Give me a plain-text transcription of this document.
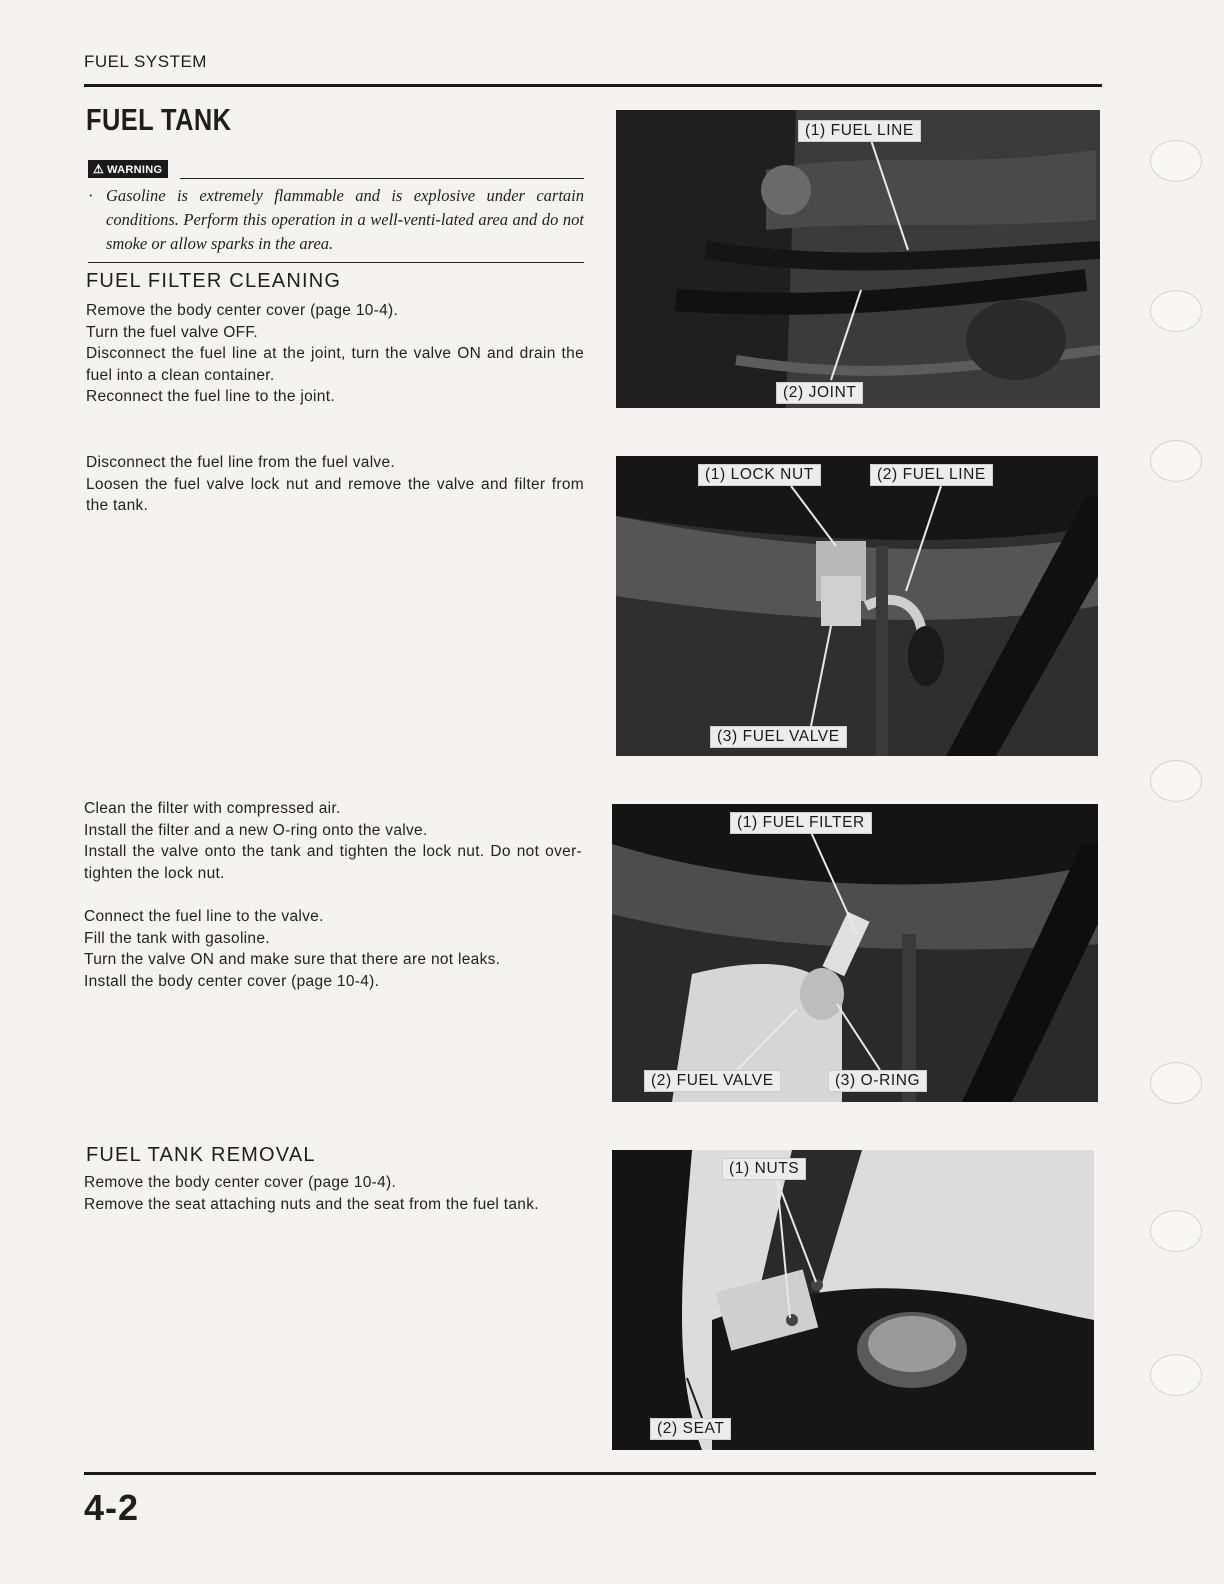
FUEL SYSTEM
FUEL TANK
⚠ WARNING
· Gasoline is extremely flammable and is explosive under cartain conditions. Perform this operation in a well-venti-lated area and do not smoke or allow sparks in the area.
FUEL FILTER CLEANING

Remove the body center cover (page 10-4).

Turn the fuel valve OFF.

Disconnect the fuel line at the joint, turn the valve ON and drain the fuel into a clean container.

Reconnect the fuel line to the joint.

Disconnect the fuel line from the fuel valve.

Loosen the fuel valve lock nut and remove the valve and filter from the tank.

Clean the filter with compressed air.

Install the filter and a new O-ring onto the valve.

Install the valve onto the tank and tighten the lock nut. Do not over-tighten the lock nut.

Connect the fuel line to the valve.

Fill the tank with gasoline.

Turn the valve ON and make sure that there are not leaks.

Install the body center cover (page 10-4).

FUEL TANK REMOVAL

Remove the body center cover (page 10-4).

Remove the seat attaching nuts and the seat from the fuel tank.

(1) FUEL LINE
(2) JOINT
(1) LOCK NUT	(2) FUEL LINE
(3) FUEL VALVE
(1) FUEL FILTER
(2) FUEL VALVE	(3) O-RING
(1) NUTS
(2) SEAT
4-2
